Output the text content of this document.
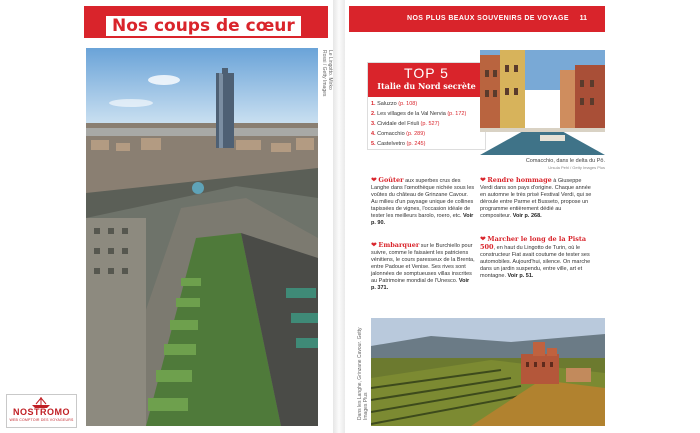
Nos coups de cœur
Le Lingotto. Mirko Rossi / Getty Images
NOS PLUS BEAUX SOUVENIRS DE VOYAGE 11
TOP 5
Italie du Nord secrète
1. Saluzzo (p. 108)
2. Les villages de la Val Nervia (p. 172)
3. Cividale del Friuli (p. 527)
4. Comacchio (p. 289)
5. Castelvetro (p. 245)
Comacchio, dans le delta du Pô.
Ursula Pehl / Getty Images Plus
❤ Goûter aux superbes crus des Langhe dans l'œnothèque nichée sous les voûtes du château de Grinzane Cavour. Au milieu d'un paysage unique de collines tapissées de vignes, l'occasion idéale de tester les meilleurs barolo, roero, etc. Voir p. 90.
❤ Embarquer sur le Burchiello pour suivre, comme le faisaient les patriciens vénitiens, le cours paresseux de la Brenta, entre Padoue et Venise. Ses rives sont jalonnées de somptueuses villas inscrites au Patrimoine mondial de l'Unesco. Voir p. 371.
❤ Rendre hommage à Giuseppe Verdi dans son pays d'origine. Chaque année en automne le très prisé Festival Verdi, qui se déroule entre Parme et Busseto, propose un programme entièrement dédié au compositeur. Voir p. 268.
❤ Marcher le long de la Pista 500, en haut du Lingotto de Turin, où le constructeur Fiat avait coutume de tester ses automobiles. Aujourd'hui, silence. On marche dans un jardin suspendu, entre ville, art et montagne. Voir p. 51.
Dans les Langhe, Grinzane Cavour. Getty Images Plus
NOSTROMO
WEB COMPTOIR DES VOYAGEURS
